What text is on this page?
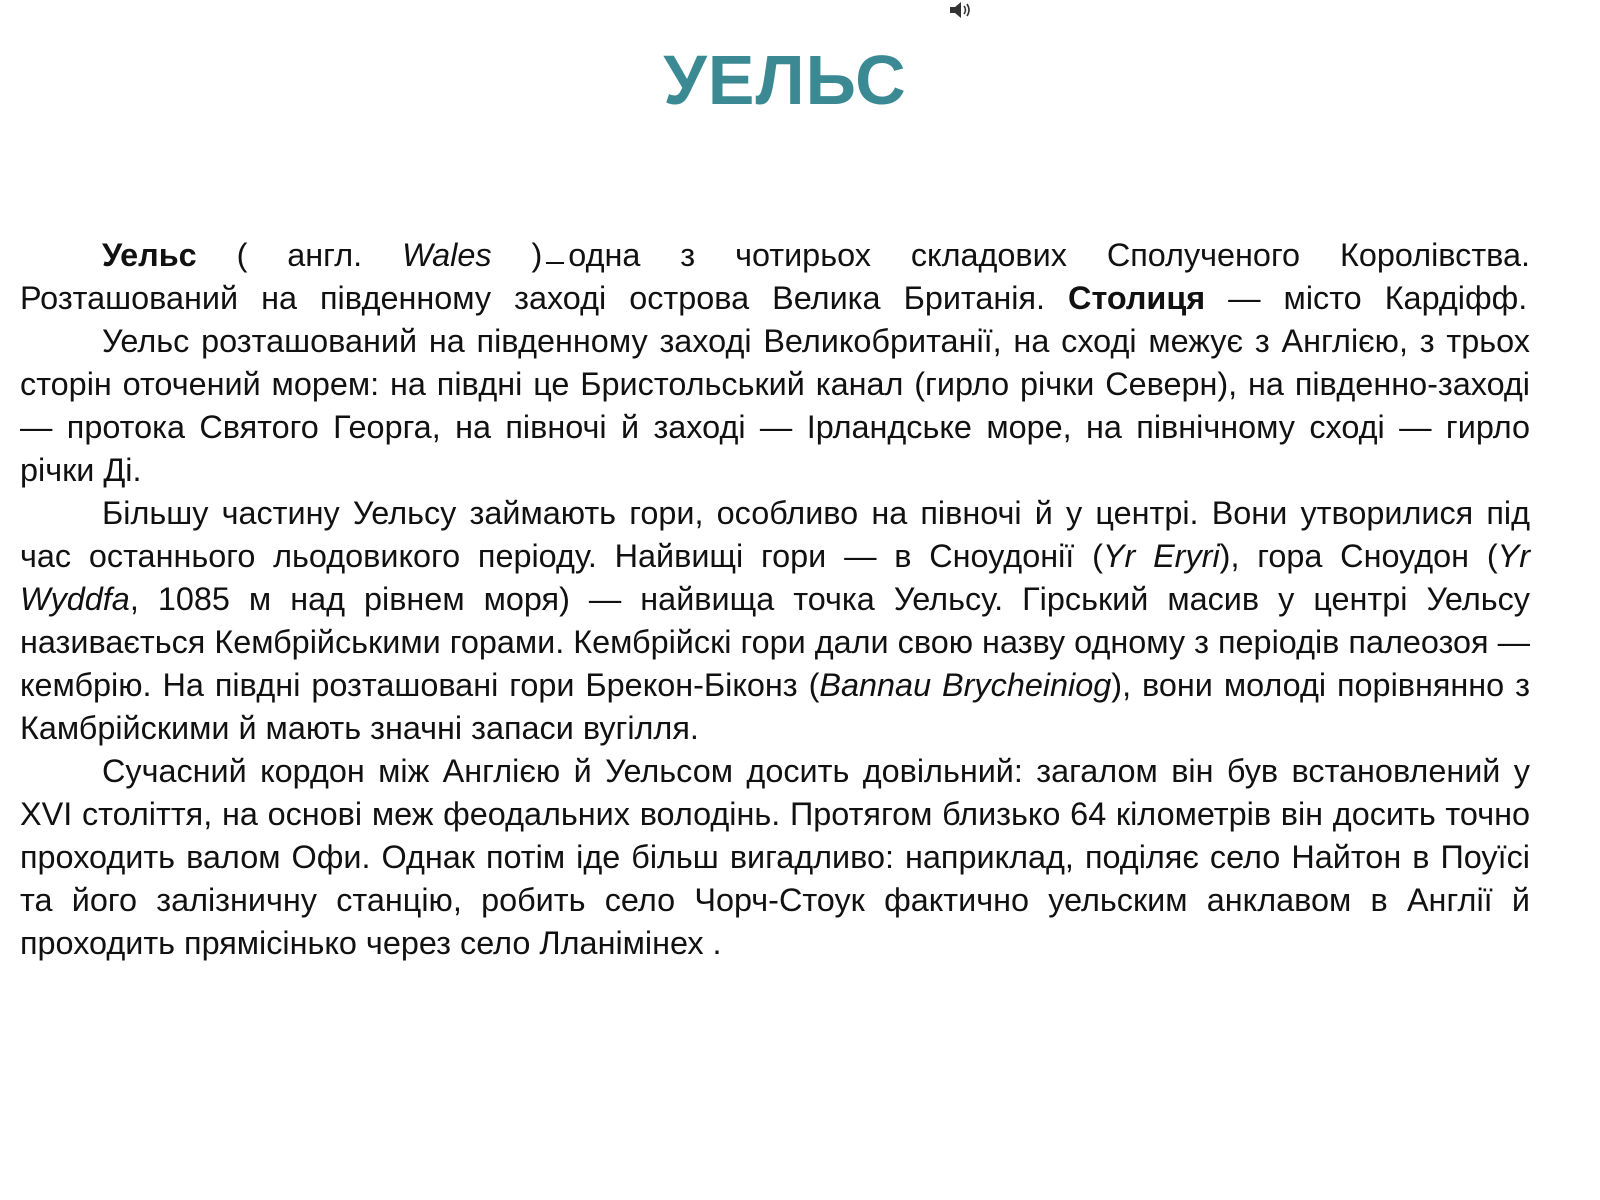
УЕЛЬС

Уельс ( англ. Wales ) одна з чотирьох складових Сполученого Королівства. Розташований на південному заході острова Велика Британія. Столиця — місто Кардіфф.

Уельс розташований на південному заході Великобританії, на сході межує з Англією, з трьох сторін оточений морем: на півдні це Бристольський канал (гирло річки Северн), на південно-заході — протока Святого Георга, на півночі й заході — Ірландське море, на північному сході — гирло річки Ді.

Більшу частину Уельсу займають гори, особливо на півночі й у центрі. Вони утворилися під час останнього льодовикого періоду. Найвищі гори — в Сноудонії (Yr Eryri), гора Сноудон (Yr Wyddfa, 1085 м над рівнем моря) — найвища точка Уельсу. Гірський масив у центрі Уельсу називається Кембрійськими горами. Кембрійскі гори дали свою назву одному з періодів палеозоя — кембрію. На півдні розташовані гори Брекон-Біконз (Bannau Brycheiniog), вони молоді порівнянно з Камбрійскими й мають значні запаси вугілля.

Сучасний кордон між Англією й Уельсом досить довільний: загалом він був встановлений у XVI століття, на основі меж феодальних володінь. Протягом близько 64 кілометрів він досить точно проходить валом Офи. Однак потім іде більш вигадливо: наприклад, поділяє село Найтон в Поуїсі та його залізничну станцію, робить село Чорч-Стоук фактично уельским анклавом в Англії й проходить прямісінько через село Лланімінех .
